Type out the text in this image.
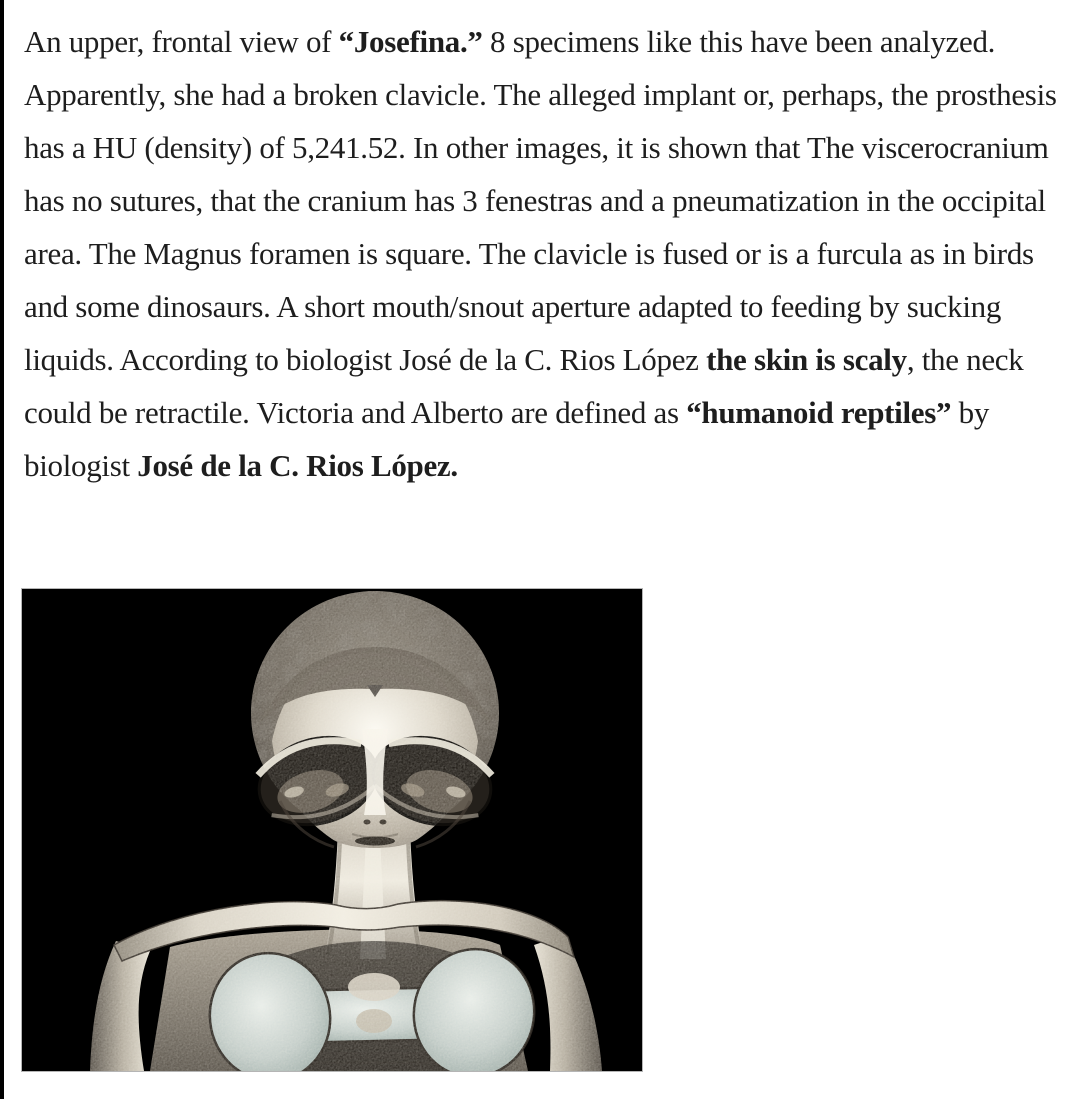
An upper, frontal view of “Josefina.” 8 specimens like this have been analyzed. Apparently, she had a broken clavicle. The alleged implant or, perhaps, the prosthesis has a HU (density) of 5,241.52. In other images, it is shown that The viscerocranium has no sutures, that the cranium has 3 fenestras and a pneumatization in the occipital area. The Magnus foramen is square. The clavicle is fused or is a furcula as in birds and some dinosaurs. A short mouth/snout aperture adapted to feeding by sucking liquids. According to biologist José de la C. Rios López the skin is scaly, the neck could be retractile. Victoria and Alberto are defined as “humanoid reptiles” by biologist José de la C. Rios López.
